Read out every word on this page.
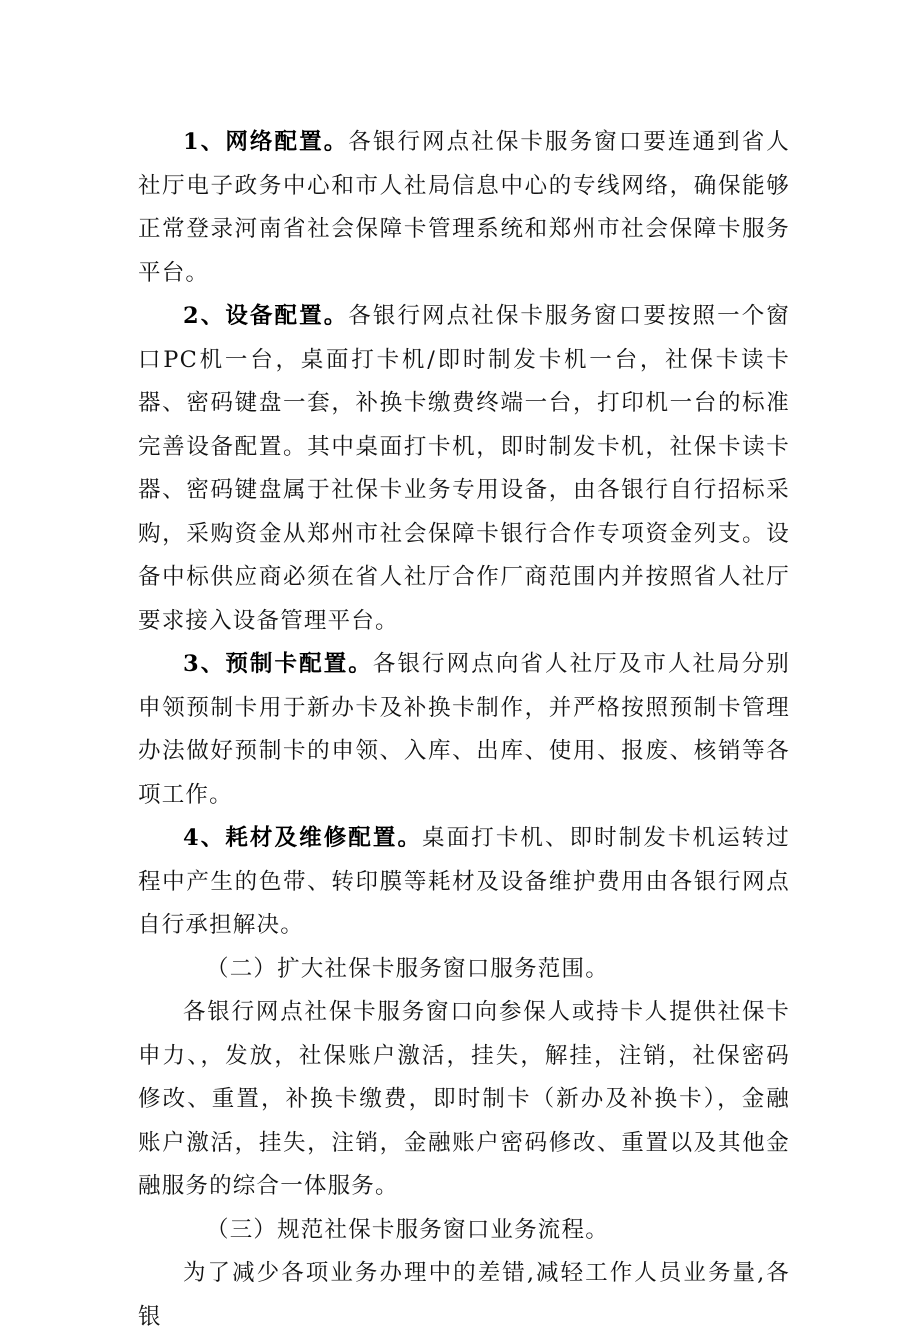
1、网络配置。各银行网点社保卡服务窗口要连通到省人社厅电子政务中心和市人社局信息中心的专线网络，确保能够正常登录河南省社会保障卡管理系统和郑州市社会保障卡服务平台。

2、设备配置。各银行网点社保卡服务窗口要按照一个窗口PC机一台，桌面打卡机/即时制发卡机一台，社保卡读卡器、密码键盘一套，补换卡缴费终端一台，打印机一台的标准完善设备配置。其中桌面打卡机，即时制发卡机，社保卡读卡器、密码键盘属于社保卡业务专用设备，由各银行自行招标采购，采购资金从郑州市社会保障卡银行合作专项资金列支。设备中标供应商必须在省人社厅合作厂商范围内并按照省人社厅要求接入设备管理平台。

3、预制卡配置。各银行网点向省人社厅及市人社局分别申领预制卡用于新办卡及补换卡制作，并严格按照预制卡管理办法做好预制卡的申领、入库、出库、使用、报废、核销等各项工作。

4、耗材及维修配置。桌面打卡机、即时制发卡机运转过程中产生的色带、转印膜等耗材及设备维护费用由各银行网点自行承担解决。

（二）扩大社保卡服务窗口服务范围。

各银行网点社保卡服务窗口向参保人或持卡人提供社保卡申力、，发放，社保账户激活，挂失，解挂，注销，社保密码修改、重置，补换卡缴费，即时制卡（新办及补换卡），金融账户激活，挂失，注销，金融账户密码修改、重置以及其他金融服务的综合一体服务。

（三）规范社保卡服务窗口业务流程。

为了减少各项业务办理中的差错,减轻工作人员业务量,各银
